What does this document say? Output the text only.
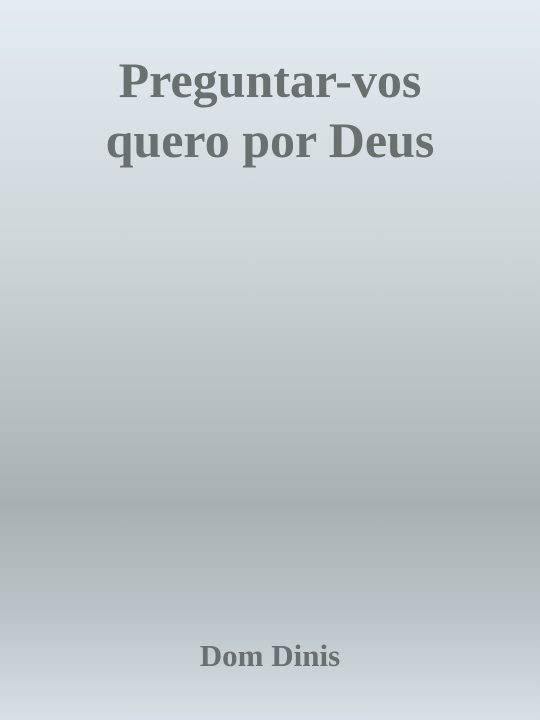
Preguntar-vos
quero por Deus
Dom Dinis
